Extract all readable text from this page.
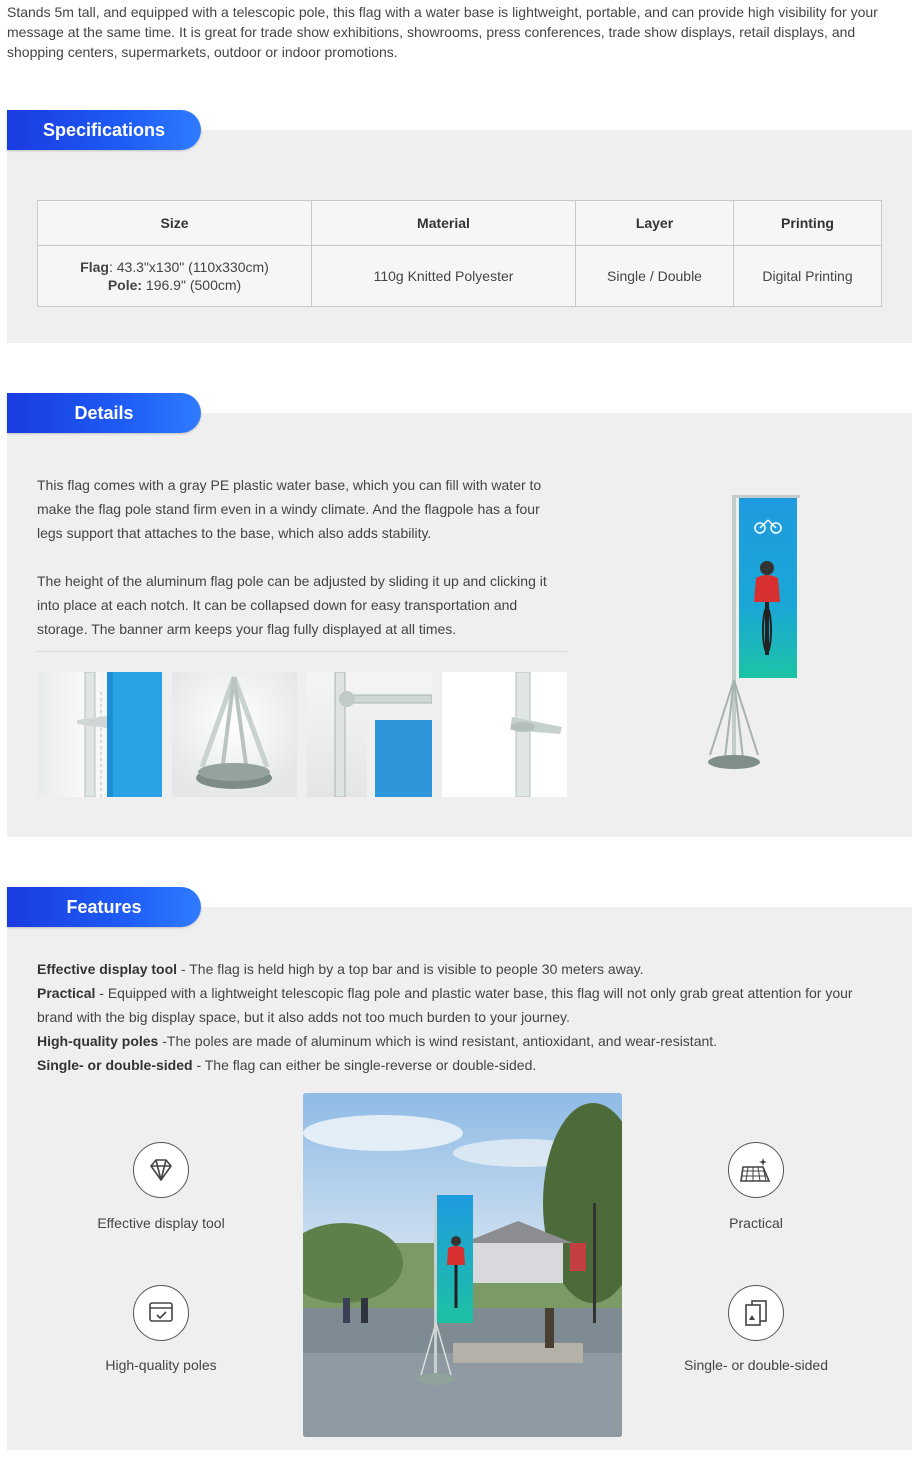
Stands 5m tall, and equipped with a telescopic pole, this flag with a water base is lightweight, portable, and can provide high visibility for your message at the same time. It is great for trade show exhibitions, showrooms, press conferences, trade show displays, retail displays, and shopping centers, supermarkets, outdoor or indoor promotions.
Specifications
Size	Material	Layer	Printing

Flag: 43.3"x130" (110x330cm)
Pole: 196.9" (500cm)	110g Knitted Polyester	Single / Double	Digital Printing
Details

This flag comes with a gray PE plastic water base, which you can fill with water to make the flag pole stand firm even in a windy climate. And the flagpole has a four legs support that attaches to the base, which also adds stability.

The height of the aluminum flag pole can be adjusted by sliding it up and clicking it into place at each notch. It can be collapsed down for easy transportation and storage. The banner arm keeps your flag fully displayed at all times.

Features
Effective display tool - The flag is held high by a top bar and is visible to people 30 meters away.
Practical - Equipped with a lightweight telescopic flag pole and plastic water base, this flag will not only grab great attention for your brand with the big display space, but it also adds not too much burden to your journey.
High-quality poles -The poles are made of aluminum which is wind resistant, antioxidant, and wear-resistant.
Single- or double-sided - The flag can either be single-reverse or double-sided.
Effective display tool	Practical
High-quality poles	Single- or double-sided
